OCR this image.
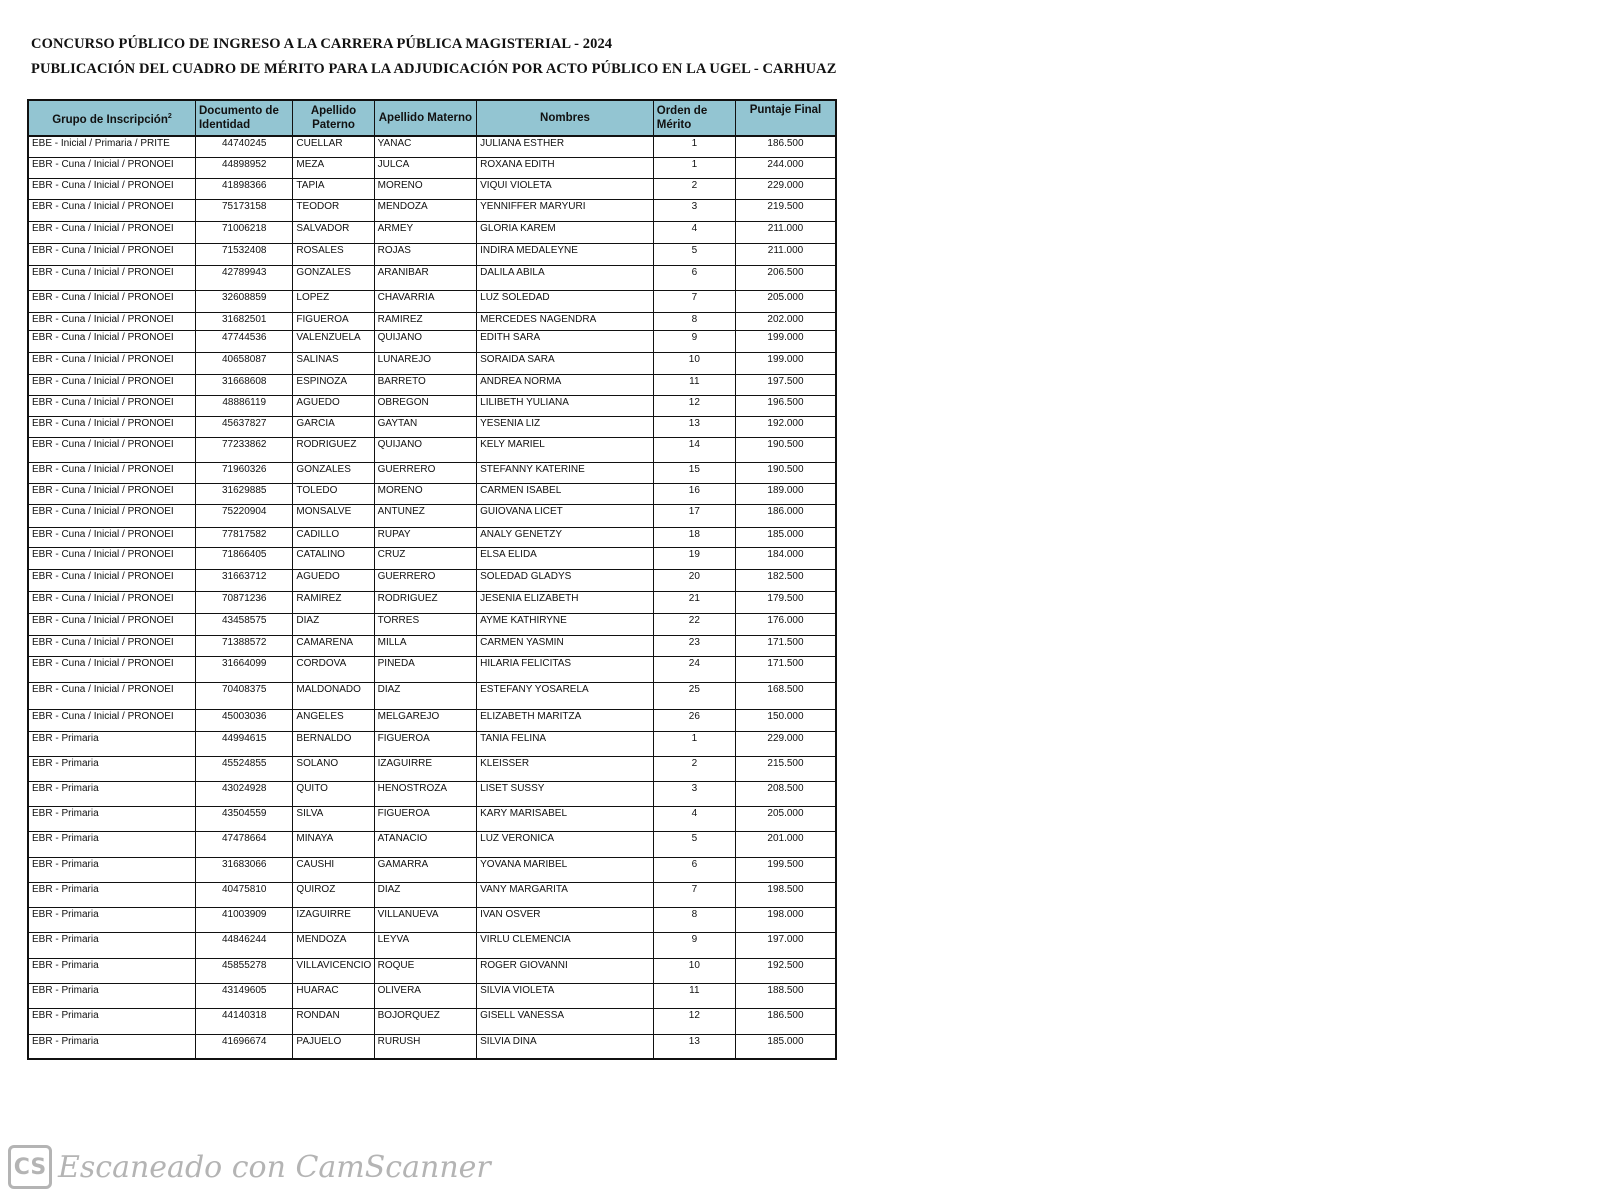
CONCURSO PÚBLICO DE INGRESO A LA CARRERA PÚBLICA MAGISTERIAL - 2024
PUBLICACIÓN DEL CUADRO DE MÉRITO PARA LA ADJUDICACIÓN POR ACTO PÚBLICO EN LA UGEL - CARHUAZ
Grupo de Inscripción$^2$	Documento de Identidad	Apellido Paterno	Apellido Materno	Nombres	Orden de Mérito	Puntaje Final
EBE - Inicial / Primaria / PRITE	44740245	CUELLAR	YANAC	JULIANA ESTHER	1	186.500
EBR - Cuna / Inicial / PRONOEI	44898952	MEZA	JULCA	ROXANA EDITH	1	244.000
EBR - Cuna / Inicial / PRONOEI	41898366	TAPIA	MORENO	VIQUI VIOLETA	2	229.000
EBR - Cuna / Inicial / PRONOEI	75173158	TEODOR	MENDOZA	YENNIFFER MARYURI	3	219.500
EBR - Cuna / Inicial / PRONOEI	71006218	SALVADOR	ARMEY	GLORIA KAREM	4	211.000
EBR - Cuna / Inicial / PRONOEI	71532408	ROSALES	ROJAS	INDIRA MEDALEYNE	5	211.000
EBR - Cuna / Inicial / PRONOEI	42789943	GONZALES	ARANIBAR	DALILA ABILA	6	206.500
EBR - Cuna / Inicial / PRONOEI	32608859	LOPEZ	CHAVARRIA	LUZ SOLEDAD	7	205.000
EBR - Cuna / Inicial / PRONOEI	31682501	FIGUEROA	RAMIREZ	MERCEDES NAGENDRA	8	202.000
EBR - Cuna / Inicial / PRONOEI	47744536	VALENZUELA	QUIJANO	EDITH SARA	9	199.000
EBR - Cuna / Inicial / PRONOEI	40658087	SALINAS	LUNAREJO	SORAIDA SARA	10	199.000
EBR - Cuna / Inicial / PRONOEI	31668608	ESPINOZA	BARRETO	ANDREA NORMA	11	197.500
EBR - Cuna / Inicial / PRONOEI	48886119	AGUEDO	OBREGON	LILIBETH YULIANA	12	196.500
EBR - Cuna / Inicial / PRONOEI	45637827	GARCIA	GAYTAN	YESENIA LIZ	13	192.000
EBR - Cuna / Inicial / PRONOEI	77233862	RODRIGUEZ	QUIJANO	KELY MARIEL	14	190.500
EBR - Cuna / Inicial / PRONOEI	71960326	GONZALES	GUERRERO	STEFANNY KATERINE	15	190.500
EBR - Cuna / Inicial / PRONOEI	31629885	TOLEDO	MORENO	CARMEN ISABEL	16	189.000
EBR - Cuna / Inicial / PRONOEI	75220904	MONSALVE	ANTUNEZ	GUIOVANA LICET	17	186.000
EBR - Cuna / Inicial / PRONOEI	77817582	CADILLO	RUPAY	ANALY GENETZY	18	185.000
EBR - Cuna / Inicial / PRONOEI	71866405	CATALINO	CRUZ	ELSA ELIDA	19	184.000
EBR - Cuna / Inicial / PRONOEI	31663712	AGUEDO	GUERRERO	SOLEDAD GLADYS	20	182.500
EBR - Cuna / Inicial / PRONOEI	70871236	RAMIREZ	RODRIGUEZ	JESENIA ELIZABETH	21	179.500
EBR - Cuna / Inicial / PRONOEI	43458575	DIAZ	TORRES	AYME KATHIRYNE	22	176.000
EBR - Cuna / Inicial / PRONOEI	71388572	CAMARENA	MILLA	CARMEN YASMIN	23	171.500
EBR - Cuna / Inicial / PRONOEI	31664099	CORDOVA	PINEDA	HILARIA FELICITAS	24	171.500
EBR - Cuna / Inicial / PRONOEI	70408375	MALDONADO	DIAZ	ESTEFANY YOSARELA	25	168.500
EBR - Cuna / Inicial / PRONOEI	45003036	ANGELES	MELGAREJO	ELIZABETH MARITZA	26	150.000
EBR - Primaria	44994615	BERNALDO	FIGUEROA	TANIA FELINA	1	229.000
EBR - Primaria	45524855	SOLANO	IZAGUIRRE	KLEISSER	2	215.500
EBR - Primaria	43024928	QUITO	HENOSTROZA	LISET SUSSY	3	208.500
EBR - Primaria	43504559	SILVA	FIGUEROA	KARY MARISABEL	4	205.000
EBR - Primaria	47478664	MINAYA	ATANACIO	LUZ VERONICA	5	201.000
EBR - Primaria	31683066	CAUSHI	GAMARRA	YOVANA MARIBEL	6	199.500
EBR - Primaria	40475810	QUIROZ	DIAZ	VANY MARGARITA	7	198.500
EBR - Primaria	41003909	IZAGUIRRE	VILLANUEVA	IVAN OSVER	8	198.000
EBR - Primaria	44846244	MENDOZA	LEYVA	VIRLU CLEMENCIA	9	197.000
EBR - Primaria	45855278	VILLAVICENCIO	ROQUE	ROGER GIOVANNI	10	192.500
EBR - Primaria	43149605	HUARAC	OLIVERA	SILVIA VIOLETA	11	188.500
EBR - Primaria	44140318	RONDAN	BOJORQUEZ	GISELL VANESSA	12	186.500
EBR - Primaria	41696674	PAJUELO	RURUSH	SILVIA DINA	13	185.000
CS Escaneado con CamScanner
